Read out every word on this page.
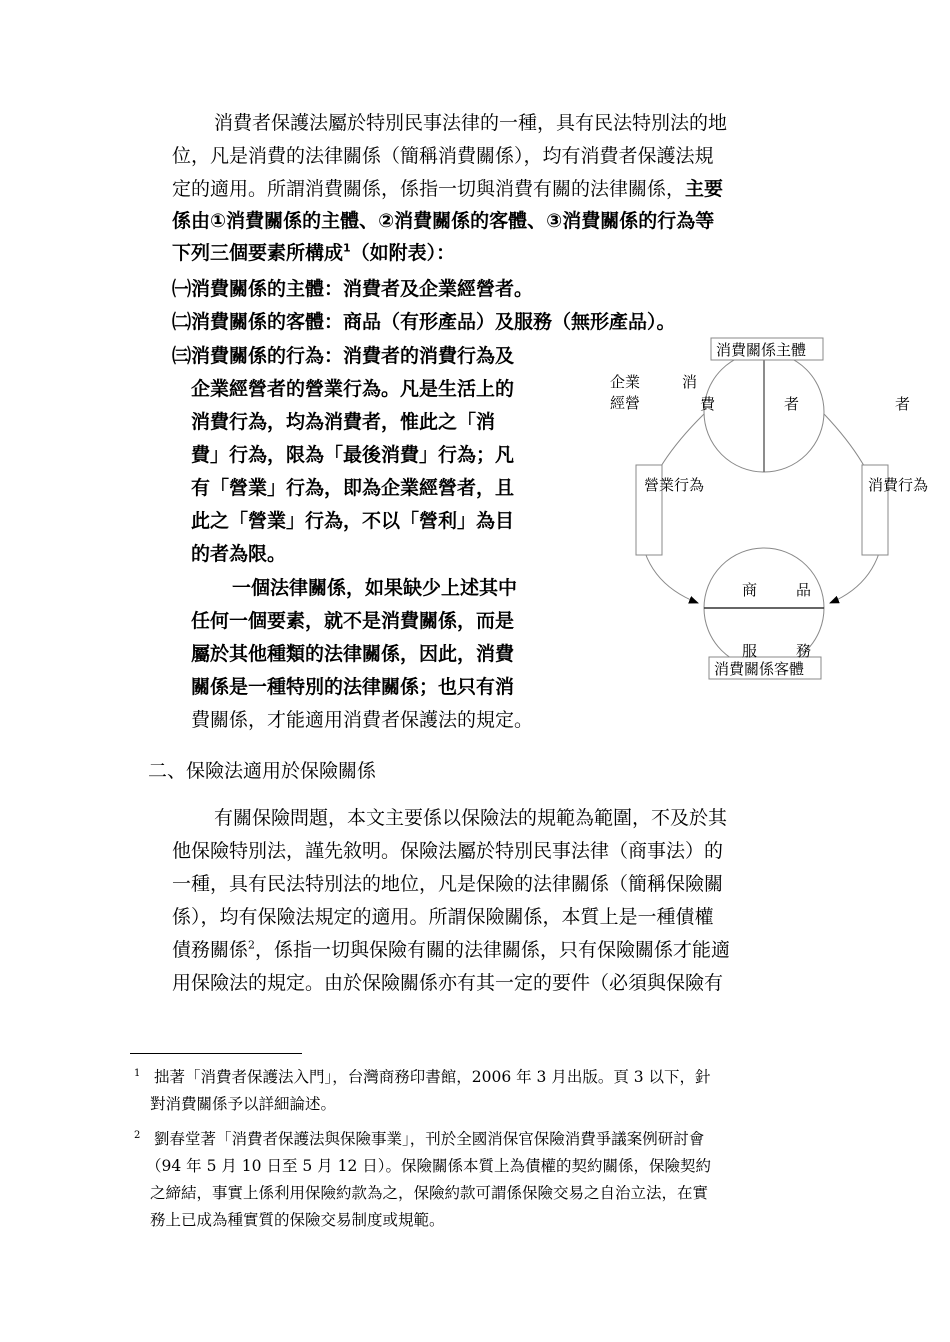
消費者保護法屬於特別民事法律的一種，具有民法特別法的地
位，凡是消費的法律關係（簡稱消費關係），均有消費者保護法規
定的適用。所謂消費關係，係指一切與消費有關的法律關係，主要
係由①消費關係的主體、②消費關係的客體、③消費關係的行為等
下列三個要素所構成$^1$（如附表）：
㈠消費關係的主體：消費者及企業經營者。
㈡消費關係的客體：商品（有形產品）及服務（無形產品）。
㈢消費關係的行為：消費者的消費行為及
企業經營者的營業行為。凡是生活上的
消費行為，均為消費者，惟此之「消
費」行為，限為「最後消費」行為；凡
有「營業」行為，即為企業經營者，且
此之「營業」行為，不以「營利」為目
的者為限。
一個法律關係，如果缺少上述其中
任何一個要素，就不是消費關係，而是
屬於其他種類的法律關係，因此，消費
關係是一種特別的法律關係；也只有消
費關係，才能適用消費者保護法的規定。
消費關係主體
消費關係客體
營業行為	消費行為
企業
經營
消
費	者	者
商	品
服	務
二、保險法適用於保險關係
有關保險問題，本文主要係以保險法的規範為範圍，不及於其
他保險特別法，謹先敘明。保險法屬於特別民事法律（商事法）的
一種，具有民法特別法的地位，凡是保險的法律關係（簡稱保險關
係），均有保險法規定的適用。所謂保險關係，本質上是一種債權
債務關係$^2$，係指一切與保險有關的法律關係，只有保險關係才能適
用保險法的規定。由於保險關係亦有其一定的要件（必須與保險有
1 拙著「消費者保護法入門」，台灣商務印書館，2006 年 3 月出版。頁 3 以下，針
對消費關係予以詳細論述。
2 劉春堂著「消費者保護法與保險事業」，刊於全國消保官保險消費爭議案例研討會
（94 年 5 月 10 日至 5 月 12 日）。保險關係本質上為債權的契約關係，保險契約
之締結，事實上係利用保險約款為之，保險約款可謂係保險交易之自治立法，在實
務上已成為種實質的保險交易制度或規範。
